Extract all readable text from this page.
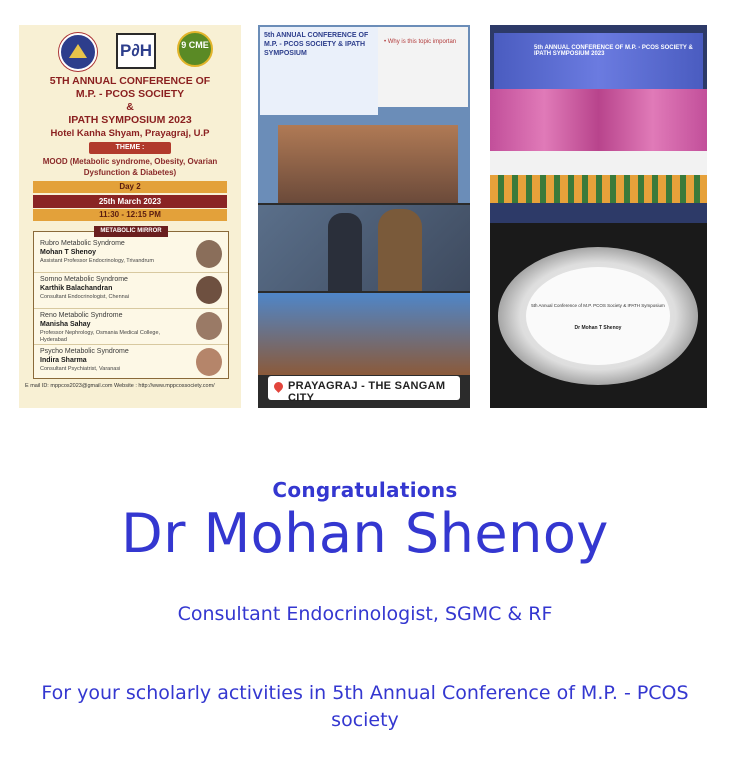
P∂H	9 CME
5TH ANNUAL CONFERENCE OF
M.P. - PCOS SOCIETY
&
IPATH SYMPOSIUM 2023
Hotel Kanha Shyam, Prayagraj, U.P
THEME :
MOOD (Metabolic syndrome, Obesity, Ovarian Dysfunction & Diabetes)
Day 2
25th March 2023
11:30 - 12:15 PM
METABOLIC MIRROR
Rubro Metabolic Syndrome
Mohan T Shenoy
Assistant Professor Endocrinology, Trivandrum
Somno Metabolic Syndrome
Karthik Balachandran
Consultant Endocrinologist, Chennai
Reno Metabolic Syndrome
Manisha Sahay
Professor Nephrology, Osmania Medical College, Hyderabad
Psycho Metabolic Syndrome
Indira Sharma
Consultant Psychiatrist, Varanasi
E mail ID: mppcos2023@gmail.com Website : http://www.mppcossociety.com/
5th ANNUAL CONFERENCE OF M.P. - PCOS SOCIETY & IPATH SYMPOSIUM
• Why is this topic importan
PRAYAGRAJ - THE SANGAM CITY
5th ANNUAL CONFERENCE OF M.P. - PCOS SOCIETY & IPATH SYMPOSIUM 2023
5th Annual Conference of M.P. PCOS Society & IPATH Symposium
Dr Mohan T Shenoy
Congratulations
Dr Mohan Shenoy
Consultant Endocrinologist, SGMC & RF
For your scholarly activities in 5th Annual Conference of M.P. - PCOS society
